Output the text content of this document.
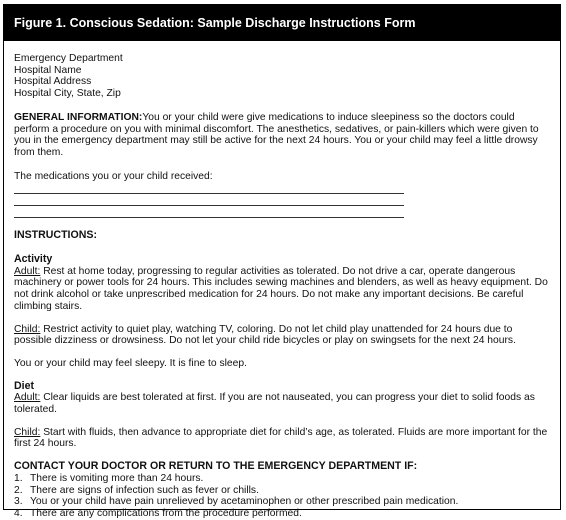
Figure 1. Conscious Sedation: Sample Discharge Instructions Form

Emergency Department

Hospital Name

Hospital Address

Hospital City, State, Zip

GENERAL INFORMATION:You or your child were give medications to induce sleepiness so the doctors could perform a procedure on you with minimal discomfort. The anesthetics, sedatives, or pain-killers which were given to you in the emergency department may still be active for the next 24 hours. You or your child may feel a little drowsy from them.

The medications you or your child received:

INSTRUCTIONS:

Activity

Adult: Rest at home today, progressing to regular activities as tolerated. Do not drive a car, operate dangerous machinery or power tools for 24 hours. This includes sewing machines and blenders, as well as heavy equipment. Do not drink alcohol or take unprescribed medication for 24 hours. Do not make any important decisions. Be careful climbing stairs.

Child: Restrict activity to quiet play, watching TV, coloring. Do not let child play unattended for 24 hours due to possible dizziness or drowsiness. Do not let your child ride bicycles or play on swingsets for the next 24 hours.

You or your child may feel sleepy. It is fine to sleep.

Diet

Adult: Clear liquids are best tolerated at first. If you are not nauseated, you can progress your diet to solid foods as tolerated.

Child: Start with fluids, then advance to appropriate diet for child’s age, as tolerated. Fluids are more important for the first 24 hours.

CONTACT YOUR DOCTOR OR RETURN TO THE EMERGENCY DEPARTMENT IF:

1. There is vomiting more than 24 hours.
2. There are signs of infection such as fever or chills.
3. You or your child have pain unrelieved by acetaminophen or other prescribed pain medication.
4. There are any complications from the procedure performed.
